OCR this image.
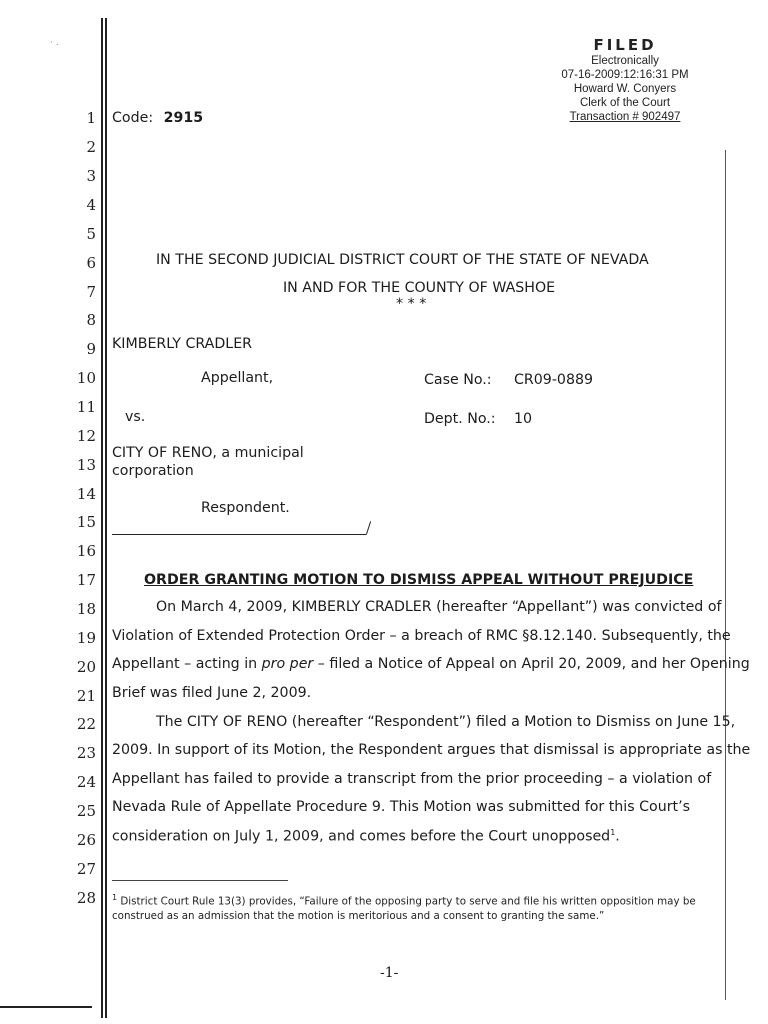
· ․	FILED
Electronically
07-16-2009:12:16:31 PM
Howard W. Conyers
Clerk of the Court
Transaction # 902497
1
2
3
4
5
6
7
8
9
10
11
12
13
14
15
16
17
18
19
20
21
22
23
24
25
26
27
28
Code: 2915
IN THE SECOND JUDICIAL DISTRICT COURT OF THE STATE OF NEVADA
IN AND FOR THE COUNTY OF WASHOE
* * *
KIMBERLY CRADLER
Appellant,	Case No.: CR09-0889
vs.	Dept. No.: 10
CITY OF RENO, a municipal
corporation
Respondent.
ORDER GRANTING MOTION TO DISMISS APPEAL WITHOUT PREJUDICE
On March 4, 2009, KIMBERLY CRADLER (hereafter “Appellant”) was convicted of
Violation of Extended Protection Order – a breach of RMC §8.12.140. Subsequently, the
Appellant – acting in pro per – filed a Notice of Appeal on April 20, 2009, and her Opening
Brief was filed June 2, 2009.
The CITY OF RENO (hereafter “Respondent”) filed a Motion to Dismiss on June 15,
2009. In support of its Motion, the Respondent argues that dismissal is appropriate as the
Appellant has failed to provide a transcript from the prior proceeding – a violation of
Nevada Rule of Appellate Procedure 9. This Motion was submitted for this Court’s
consideration on July 1, 2009, and comes before the Court unopposed$^1$.
$^1$ District Court Rule 13(3) provides, “Failure of the opposing party to serve and file his written opposition may be construed as an admission that the motion is meritorious and a consent to granting the same.”
-1-
